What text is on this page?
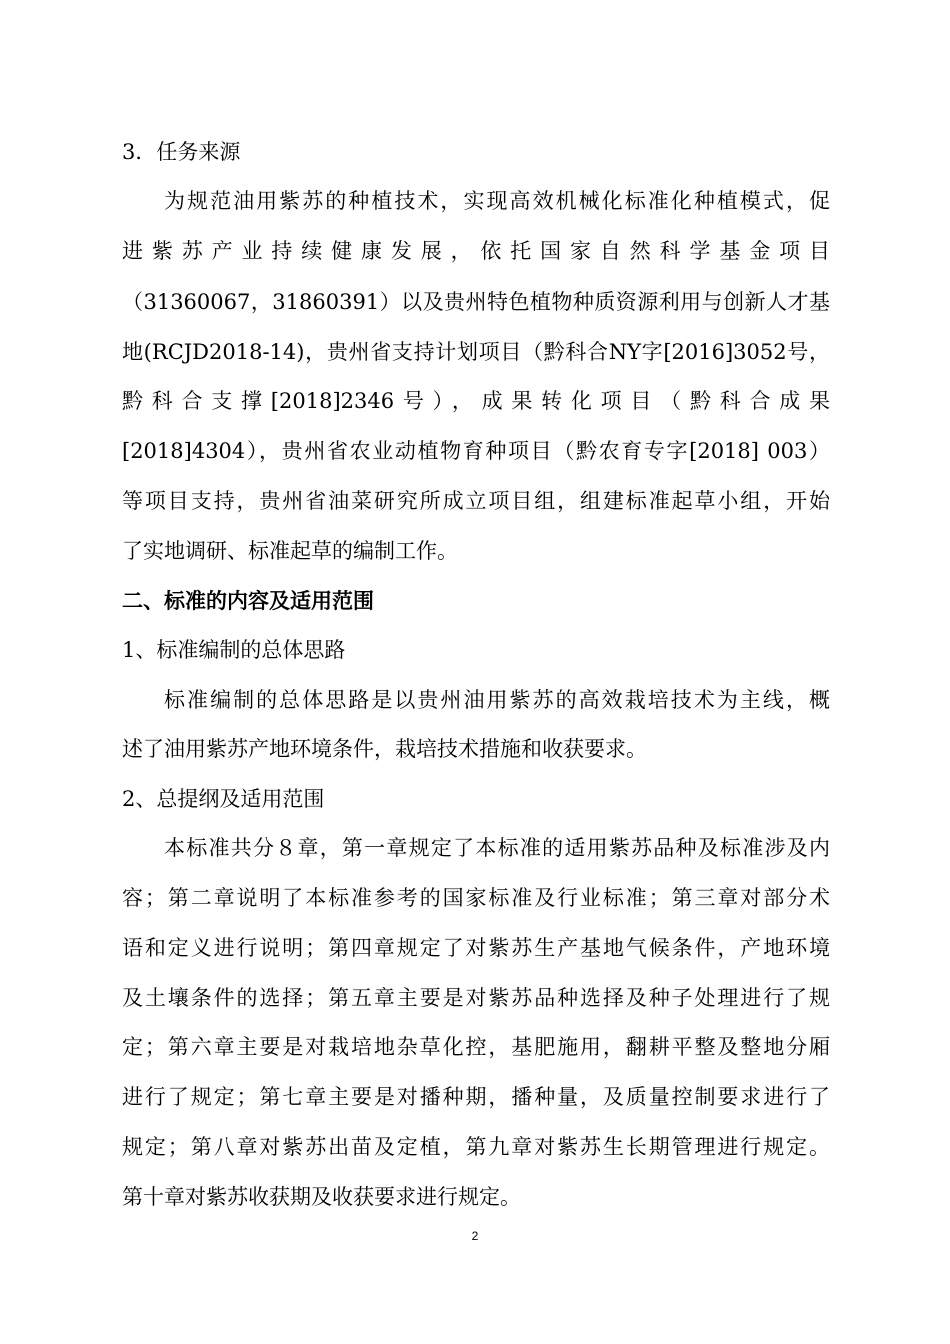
3．任务来源
为规范油用紫苏的种植技术，实现高效机械化标准化种植模式，促
进紫苏产业持续健康发展，依托国家自然科学基金项目
（31360067，31860391）以及贵州特色植物种质资源利用与创新人才基
地(RCJD2018-14)，贵州省支持计划项目（黔科合NY字[2016]3052号，
黔科合支撑[2018]2346号），成果转化项目（黔科合成果
[2018]4304），贵州省农业动植物育种项目（黔农育专字[2018] 003）
等项目支持，贵州省油菜研究所成立项目组，组建标准起草小组，开始
了实地调研、标准起草的编制工作。
二、标准的内容及适用范围
1、标准编制的总体思路
标准编制的总体思路是以贵州油用紫苏的高效栽培技术为主线，概
述了油用紫苏产地环境条件，栽培技术措施和收获要求。
2、总提纲及适用范围
本标准共分８章，第一章规定了本标准的适用紫苏品种及标准涉及内
容；第二章说明了本标准参考的国家标准及行业标准；第三章对部分术
语和定义进行说明；第四章规定了对紫苏生产基地气候条件，产地环境
及土壤条件的选择；第五章主要是对紫苏品种选择及种子处理进行了规
定；第六章主要是对栽培地杂草化控，基肥施用，翻耕平整及整地分厢
进行了规定；第七章主要是对播种期，播种量，及质量控制要求进行了
规定；第八章对紫苏出苗及定植，第九章对紫苏生长期管理进行规定。
第十章对紫苏收获期及收获要求进行规定。
2
